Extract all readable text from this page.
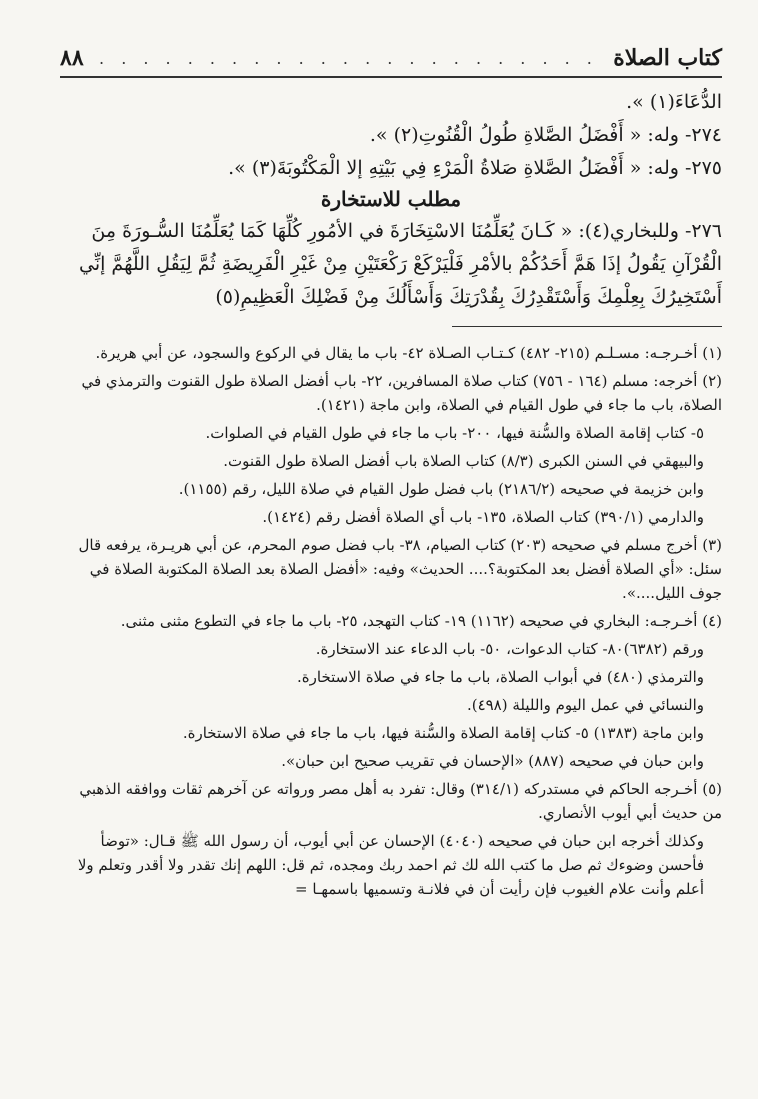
كتاب الصلاة
. . . . . . . . . . . . . . . . . . . . . . .
٨٨

الدُّعَاءَ(١) ».

٢٧٤- وله: « أَفْضَلُ الصَّلاةِ طُولُ الْقُنُوتِ(٢) ».

٢٧٥- وله: « أَفْضَلُ الصَّلاةِ صَلاةُ الْمَرْءِ فِي بَيْتِهِ إلا الْمَكْتُوبَةَ(٣) ».

مطلب للاستخارة

٢٧٦- وللبخاري(٤): « كَـانَ يُعَلِّمُنَا الاسْتِخَارَةَ في الأمُورِ كُلِّهَا كَمَا يُعَلِّمُنَا السُّـورَةَ مِنَ الْقُرْآنِ يَقُولُ إذَا هَمَّ أَحَدُكُمْ بالأمْرِ فَلْيَرْكَعْ رَكْعَتَيْنِ مِنْ غَيْرِ الْفَرِيضَةِ ثُمَّ لِيَقُلِ اللَّهُمَّ إنِّي أَسْتَخِيرُكَ بِعِلْمِكَ وَأَسْتَقْدِرُكَ بِقُدْرَتِكَ وَأَسْأَلُكَ مِنْ فَضْلِكَ الْعَظِيمِ(٥)

(١) أخـرجـه: مسـلـم (٢١٥- ٤٨٢) كـتـاب الصـلاة ٤٢- باب ما يقال في الركوع والسجود، عن أبي هريرة.

(٢) أخرجه: مسلم (١٦٤ - ٧٥٦) كتاب صلاة المسافرين، ٢٢- باب أفضل الصلاة طول القنوت والترمذي في الصلاة، باب ما جاء في طول القيام في الصلاة، وابن ماجة (١٤٢١).

٥- كتاب إقامة الصلاة والسُّنة فيها، ٢٠٠- باب ما جاء في طول القيام في الصلوات.

والبيهقي في السنن الكبرى (٨/٣) كتاب الصلاة باب أفضل الصلاة طول القنوت.

وابن خزيمة في صحيحه (٢١٨٦/٢) باب فضل طول القيام في صلاة الليل، رقم (١١٥٥).

والدارمي (٣٩٠/١) كتاب الصلاة، ١٣٥- باب أي الصلاة أفضل رقم (١٤٢٤).

(٣) أخرج مسلم في صحيحه (٢٠٣) كتاب الصيام، ٣٨- باب فضل صوم المحرم، عن أبي هريـرة، يرفعه قال سئل: «أي الصلاة أفضل بعد المكتوبة؟.... الحديث» وفيه: «أفضل الصلاة بعد الصلاة المكتوبة الصلاة في جوف الليل....».

(٤) أخـرجـه: البخاري في صحيحه (١١٦٢) ١٩- كتاب التهجد، ٢٥- باب ما جاء في التطوع مثنى مثنى.

ورقم (٦٣٨٢)٨٠- كتاب الدعوات، ٥٠- باب الدعاء عند الاستخارة.

والترمذي (٤٨٠) في أبواب الصلاة، باب ما جاء في صلاة الاستخارة.

والنسائي في عمل اليوم والليلة (٤٩٨).

وابن ماجة (١٣٨٣) ٥- كتاب إقامة الصلاة والسُّنة فيها، باب ما جاء في صلاة الاستخارة.

وابن حبان في صحيحه (٨٨٧) «الإحسان في تقريب صحيح ابن حبان».

(٥) أخـرجه الحاكم في مستدركه (٣١٤/١) وقال: تفرد به أهل مصر ورواته عن آخرهم ثقات ووافقه الذهبي من حديث أبي أيوب الأنصاري.

وكذلك أخرجه ابن حبان في صحيحه (٤٠٤٠) الإحسان عن أبي أيوب، أن رسول الله ﷺ قـال: «توضأ فأحسن وضوءك ثم صل ما كتب الله لك ثم احمد ربك ومجده، ثم قل: اللهم إنك تقدر ولا أقدر وتعلم ولا أعلم وأنت علام الغيوب فإن رأيت أن في فلانـة وتسميها باسمهـا =
